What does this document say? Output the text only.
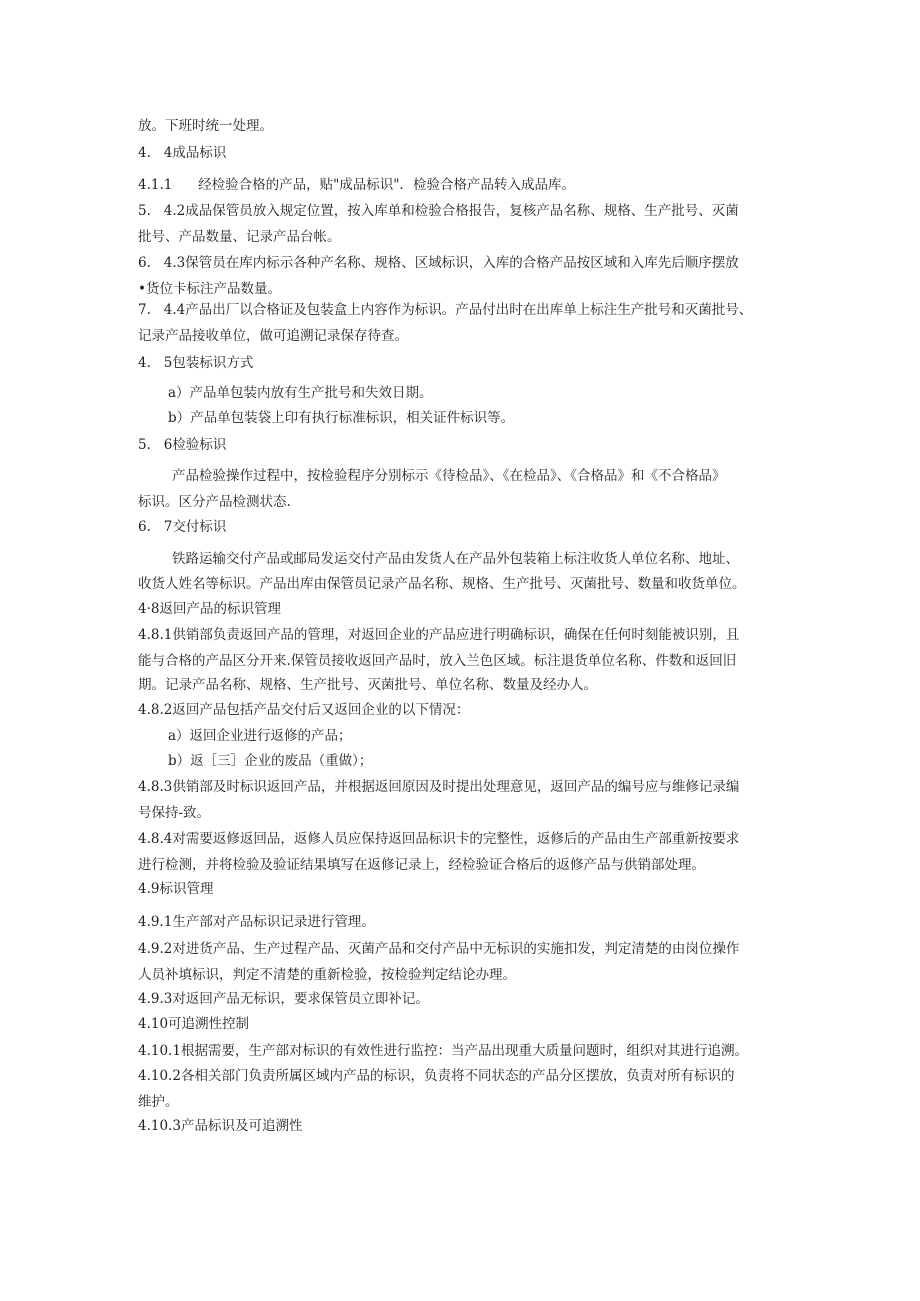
放。下班时统一处理。
4.   4成品标识
4.1.1      经检验合格的产品，贴"成品标识"．检验合格产品转入成品库。
5.   4.2成品保管员放入规定位置，按入库单和检验合格报告，复核产品名称、规格、生产批号、灭菌
批号、产品数量、记录产品台帐。
6.   4.3保管员在库内标示各种产名称、规格、区域标识，入库的合格产品按区域和入库先后顺序摆放
•货位卡标注产品数量。
7.   4.4产品出厂以合格证及包装盒上内容作为标识。产品付出时在出库单上标注生产批号和灭菌批号、
记录产品接收单位，做可追溯记录保存待查。
4.   5包装标识方式
a）产品单包装内放有生产批号和失效日期。
b）产品单包装袋上印有执行标准标识，相关证件标识等。
5.   6检验标识
产品检验操作过程中，按检验程序分别标示《待检品》、《在检品》、《合格品》和《不合格品》
标识。区分产品检测状态.
6.   7交付标识
铁路运输交付产品或邮局发运交付产品由发货人在产品外包装箱上标注收货人单位名称、地址、
收货人姓名等标识。产品出库由保管员记录产品名称、规格、生产批号、灭菌批号、数量和收货单位。
4·8返回产品的标识管理
4.8.1供销部负责返回产品的管理，对返回企业的产品应进行明确标识，确保在任何时刻能被识别，且
能与合格的产品区分开来.保管员接收返回产品时，放入兰色区域。标注退货单位名称、件数和返回旧
期。记录产品名称、规格、生产批号、灭菌批号、单位名称、数量及经办人。
4.8.2返回产品包括产品交付后又返回企业的以下情况：
a）返回企业进行返修的产品；
b）返［三］企业的废品（重做）；
4.8.3供销部及时标识返回产品，并根据返回原因及时提出处理意见，返回产品的编号应与维修记录编
号保持-致。
4.8.4对需要返修返回品，返修人员应保持返回品标识卡的完整性，返修后的产品由生产部重新按要求
进行检测，并将检验及验证结果填写在返修记录上，经检验证合格后的返修产品与供销部处理。
4.9标识管理
4.9.1生产部对产品标识记录进行管理。
4.9.2对进货产品、生产过程产品、灭菌产品和交付产品中无标识的实施扣发，判定清楚的由岗位操作
人员补填标识，判定不清楚的重新检验，按检验判定结论办理。
4.9.3对返回产品无标识，要求保管员立即补记。
4.10可追溯性控制
4.10.1根据需要，生产部对标识的有效性进行监控：当产品出现重大质量问题时，组织对其进行追溯。
4.10.2各相关部门负责所属区域内产品的标识，负责将不同状态的产品分区摆放，负责对所有标识的
维护。
4.10.3产品标识及可追溯性
